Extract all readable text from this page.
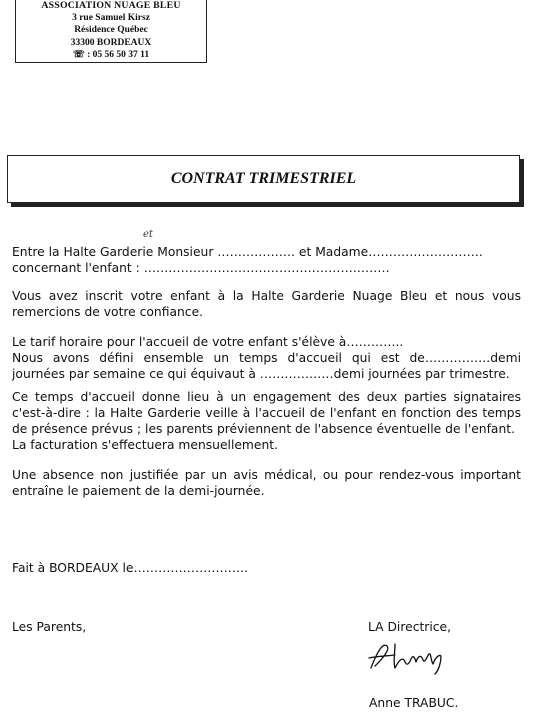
ASSOCIATION NUAGE BLEU
3 rue Samuel Kirsz
Résidence Québec
33300 BORDEAUX
☏ : 05 56 50 37 11
CONTRAT TRIMESTRIEL
et
Entre la Halte Garderie Monsieur ………………. et Madame……………………….
concernant l'enfant : ……………………………………………………
Vous avez inscrit votre enfant à la Halte Garderie Nuage Bleu et nous vous remercions de votre confiance.
Le tarif horaire pour l'accueil de votre enfant s'élève à…………..
Nous avons défini ensemble un temps d'accueil qui est de…………….demi journées par semaine ce qui équivaut à ………………demi journées par trimestre.
Ce temps d'accueil donne lieu à un engagement des deux parties signataires c'est-à-dire : la Halte Garderie veille à l'accueil de l'enfant en fonction des temps de présence prévus ; les parents préviennent de l'absence éventuelle de l'enfant.
La facturation s'effectuera mensuellement.
Une absence non justifiée par un avis médical, ou pour rendez-vous important entraîne le paiement de la demi-journée.
Fait à BORDEAUX le……………………….
Les Parents,	LA Directrice,
Anne TRABUC.
